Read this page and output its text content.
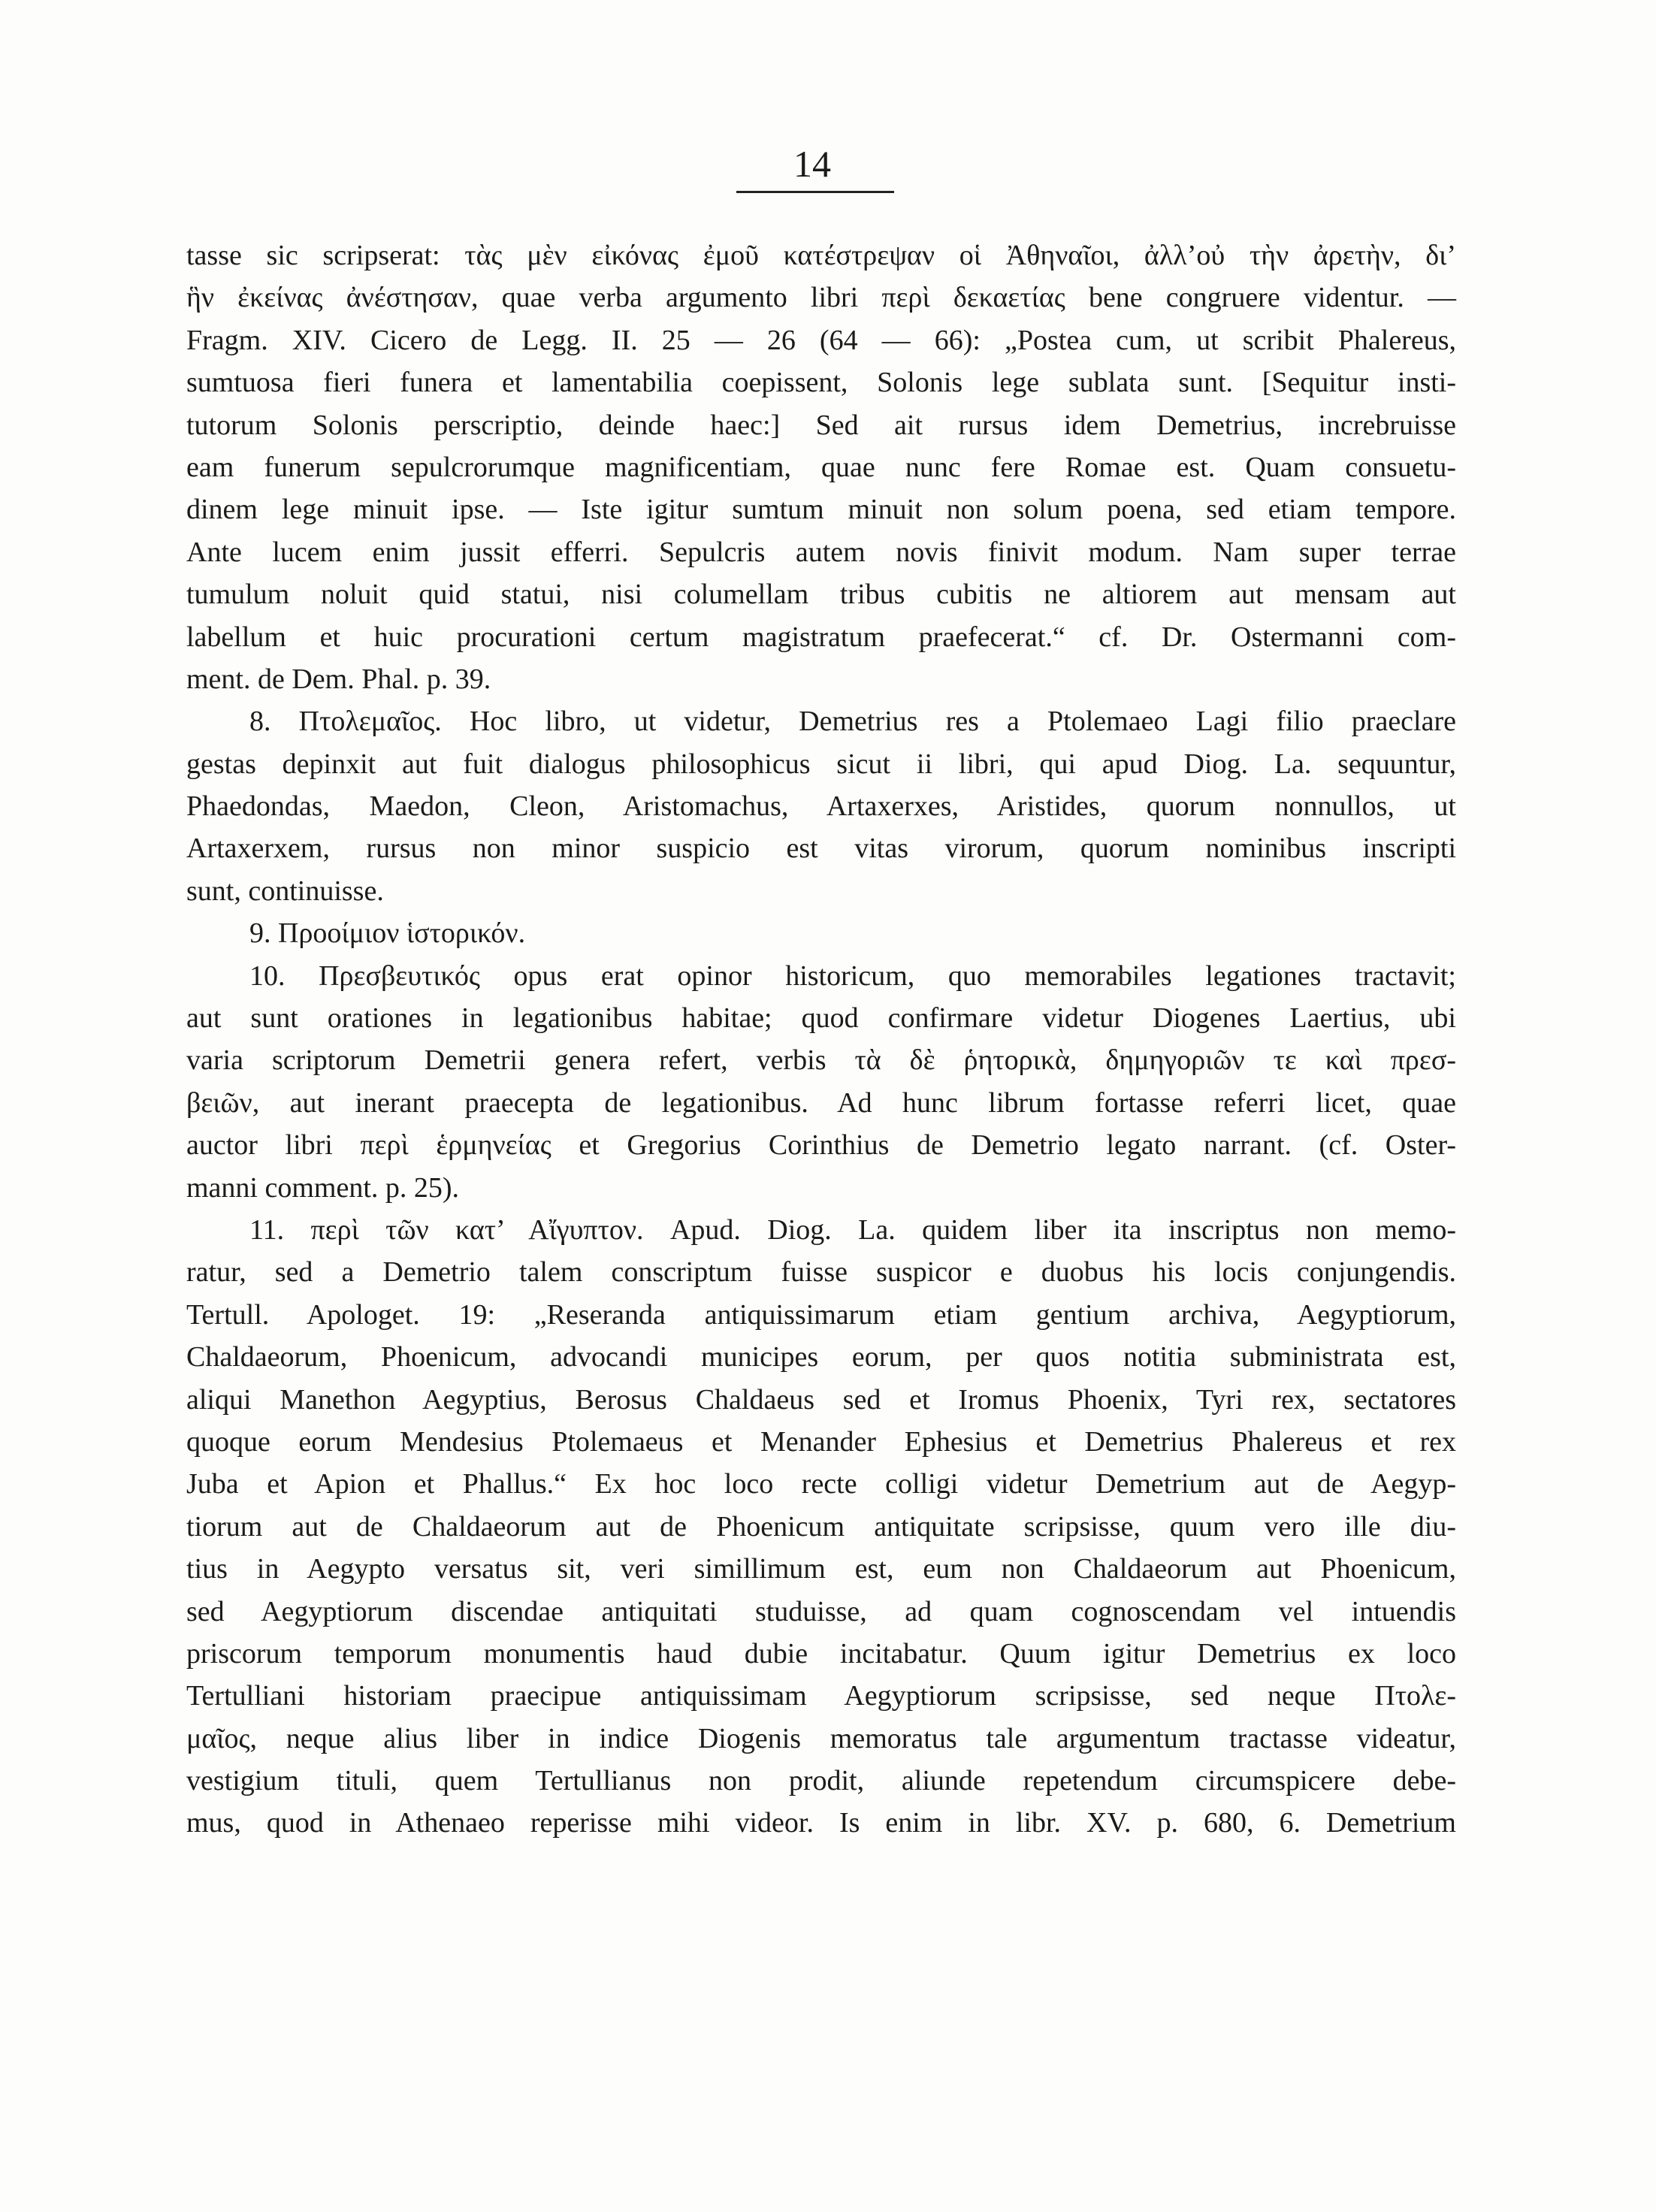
14
tasse sic scripserat: τὰς μὲν εἰκόνας ἐμοῦ κατέστρεψαν οἱ Ἀθηναῖοι, ἀλλ’οὐ τὴν ἀρετὴν, δι’
ἣν ἐκείνας ἀνέστησαν, quae verba argumento libri περὶ δεκαετίας bene congruere videntur. —
Fragm. XIV. Cicero de Legg. II. 25 — 26 (64 — 66): „Postea cum, ut scribit Phalereus,
sumtuosa fieri funera et lamentabilia coepissent, Solonis lege sublata sunt. [Sequitur insti-
tutorum Solonis perscriptio, deinde haec:] Sed ait rursus idem Demetrius, increbruisse
eam funerum sepulcrorumque magnificentiam, quae nunc fere Romae est. Quam consuetu-
dinem lege minuit ipse. — Iste igitur sumtum minuit non solum poena, sed etiam tempore.
Ante lucem enim jussit efferri. Sepulcris autem novis finivit modum. Nam super terrae
tumulum noluit quid statui, nisi columellam tribus cubitis ne altiorem aut mensam aut
labellum et huic procurationi certum magistratum praefecerat.“ cf. Dr. Ostermanni com-
ment. de Dem. Phal. p. 39.
8. Πτολεμαῖος. Hoc libro, ut videtur, Demetrius res a Ptolemaeo Lagi filio praeclare
gestas depinxit aut fuit dialogus philosophicus sicut ii libri, qui apud Diog. La. sequuntur,
Phaedondas, Maedon, Cleon, Aristomachus, Artaxerxes, Aristides, quorum nonnullos, ut
Artaxerxem, rursus non minor suspicio est vitas virorum, quorum nominibus inscripti
sunt, continuisse.
9. Προοίμιον ἱστορικόν.
10. Πρεσβευτικός opus erat opinor historicum, quo memorabiles legationes tractavit;
aut sunt orationes in legationibus habitae; quod confirmare videtur Diogenes Laertius, ubi
varia scriptorum Demetrii genera refert, verbis τὰ δὲ ῥητορικὰ, δημηγοριῶν τε καὶ πρεσ-
βειῶν, aut inerant praecepta de legationibus. Ad hunc librum fortasse referri licet, quae
auctor libri περὶ ἑρμηνείας et Gregorius Corinthius de Demetrio legato narrant. (cf. Oster-
manni comment. p. 25).
11. περὶ τῶν κατ’ Αἴγυπτον. Apud. Diog. La. quidem liber ita inscriptus non memo-
ratur, sed a Demetrio talem conscriptum fuisse suspicor e duobus his locis conjungendis.
Tertull. Apologet. 19: „Reseranda antiquissimarum etiam gentium archiva, Aegyptiorum,
Chaldaeorum, Phoenicum, advocandi municipes eorum, per quos notitia subministrata est,
aliqui Manethon Aegyptius, Berosus Chaldaeus sed et Iromus Phoenix, Tyri rex, sectatores
quoque eorum Mendesius Ptolemaeus et Menander Ephesius et Demetrius Phalereus et rex
Juba et Apion et Phallus.“ Ex hoc loco recte colligi videtur Demetrium aut de Aegyp-
tiorum aut de Chaldaeorum aut de Phoenicum antiquitate scripsisse, quum vero ille diu-
tius in Aegypto versatus sit, veri simillimum est, eum non Chaldaeorum aut Phoenicum,
sed Aegyptiorum discendae antiquitati studuisse, ad quam cognoscendam vel intuendis
priscorum temporum monumentis haud dubie incitabatur. Quum igitur Demetrius ex loco
Tertulliani historiam praecipue antiquissimam Aegyptiorum scripsisse, sed neque Πτολε-
μαῖος, neque alius liber in indice Diogenis memoratus tale argumentum tractasse videatur,
vestigium tituli, quem Tertullianus non prodit, aliunde repetendum circumspicere debe-
mus, quod in Athenaeo reperisse mihi videor. Is enim in libr. XV. p. 680, 6. Demetrium
